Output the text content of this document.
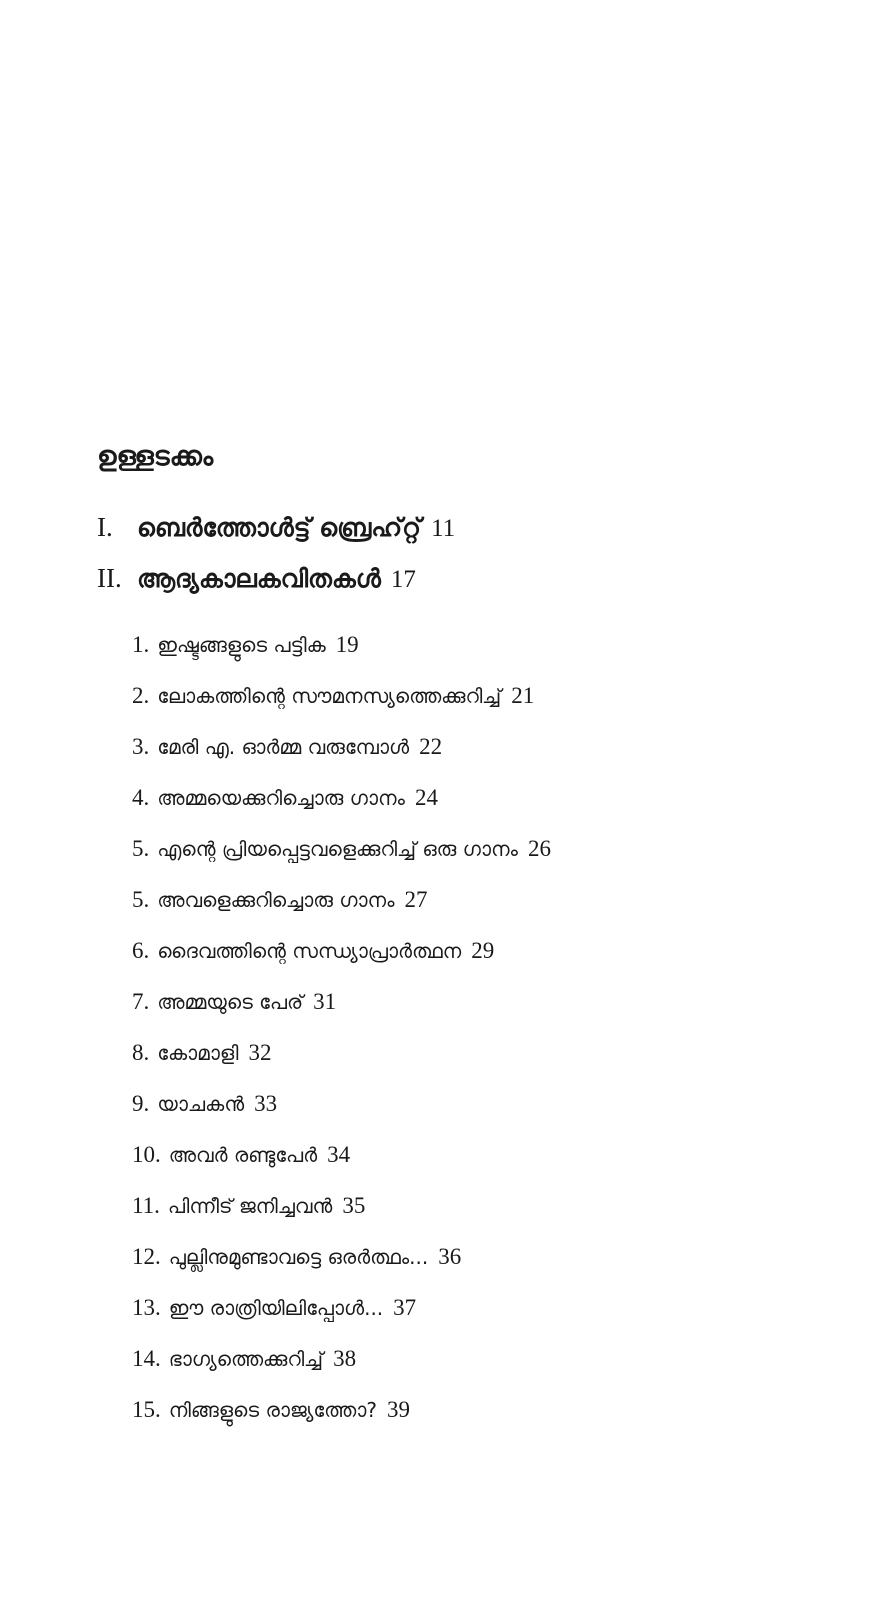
ഉള്ളടക്കം
I. ബെർത്തോൾട്ട് ബ്രെഹ്റ്റ് 11
II. ആദ്യകാലകവിതകൾ 17
1. ഇഷ്ടങ്ങളുടെ പട്ടിക 19
2. ലോകത്തിന്റെ സൗമനസ്യത്തെക്കുറിച്ച് 21
3. മേരി എ. ഓർമ്മ വരുമ്പോൾ 22
4. അമ്മയെക്കുറിച്ചൊരു ഗാനം 24
5. എന്റെ പ്രിയപ്പെട്ടവളെക്കുറിച്ച് ഒരു ഗാനം 26
5. അവളെക്കുറിച്ചൊരു ഗാനം 27
6. ദൈവത്തിന്റെ സന്ധ്യാപ്രാർത്ഥന 29
7. അമ്മയുടെ പേര് 31
8. കോമാളി 32
9. യാചകൻ 33
10. അവർ രണ്ടുപേർ 34
11. പിന്നീട് ജനിച്ചവൻ 35
12. പുല്ലിനുമുണ്ടാവട്ടെ ഒരർത്ഥം... 36
13. ഈ രാത്രിയിലിപ്പോൾ... 37
14. ഭാഗ്യത്തെക്കുറിച്ച് 38
15. നിങ്ങളുടെ രാജ്യത്തോ? 39
